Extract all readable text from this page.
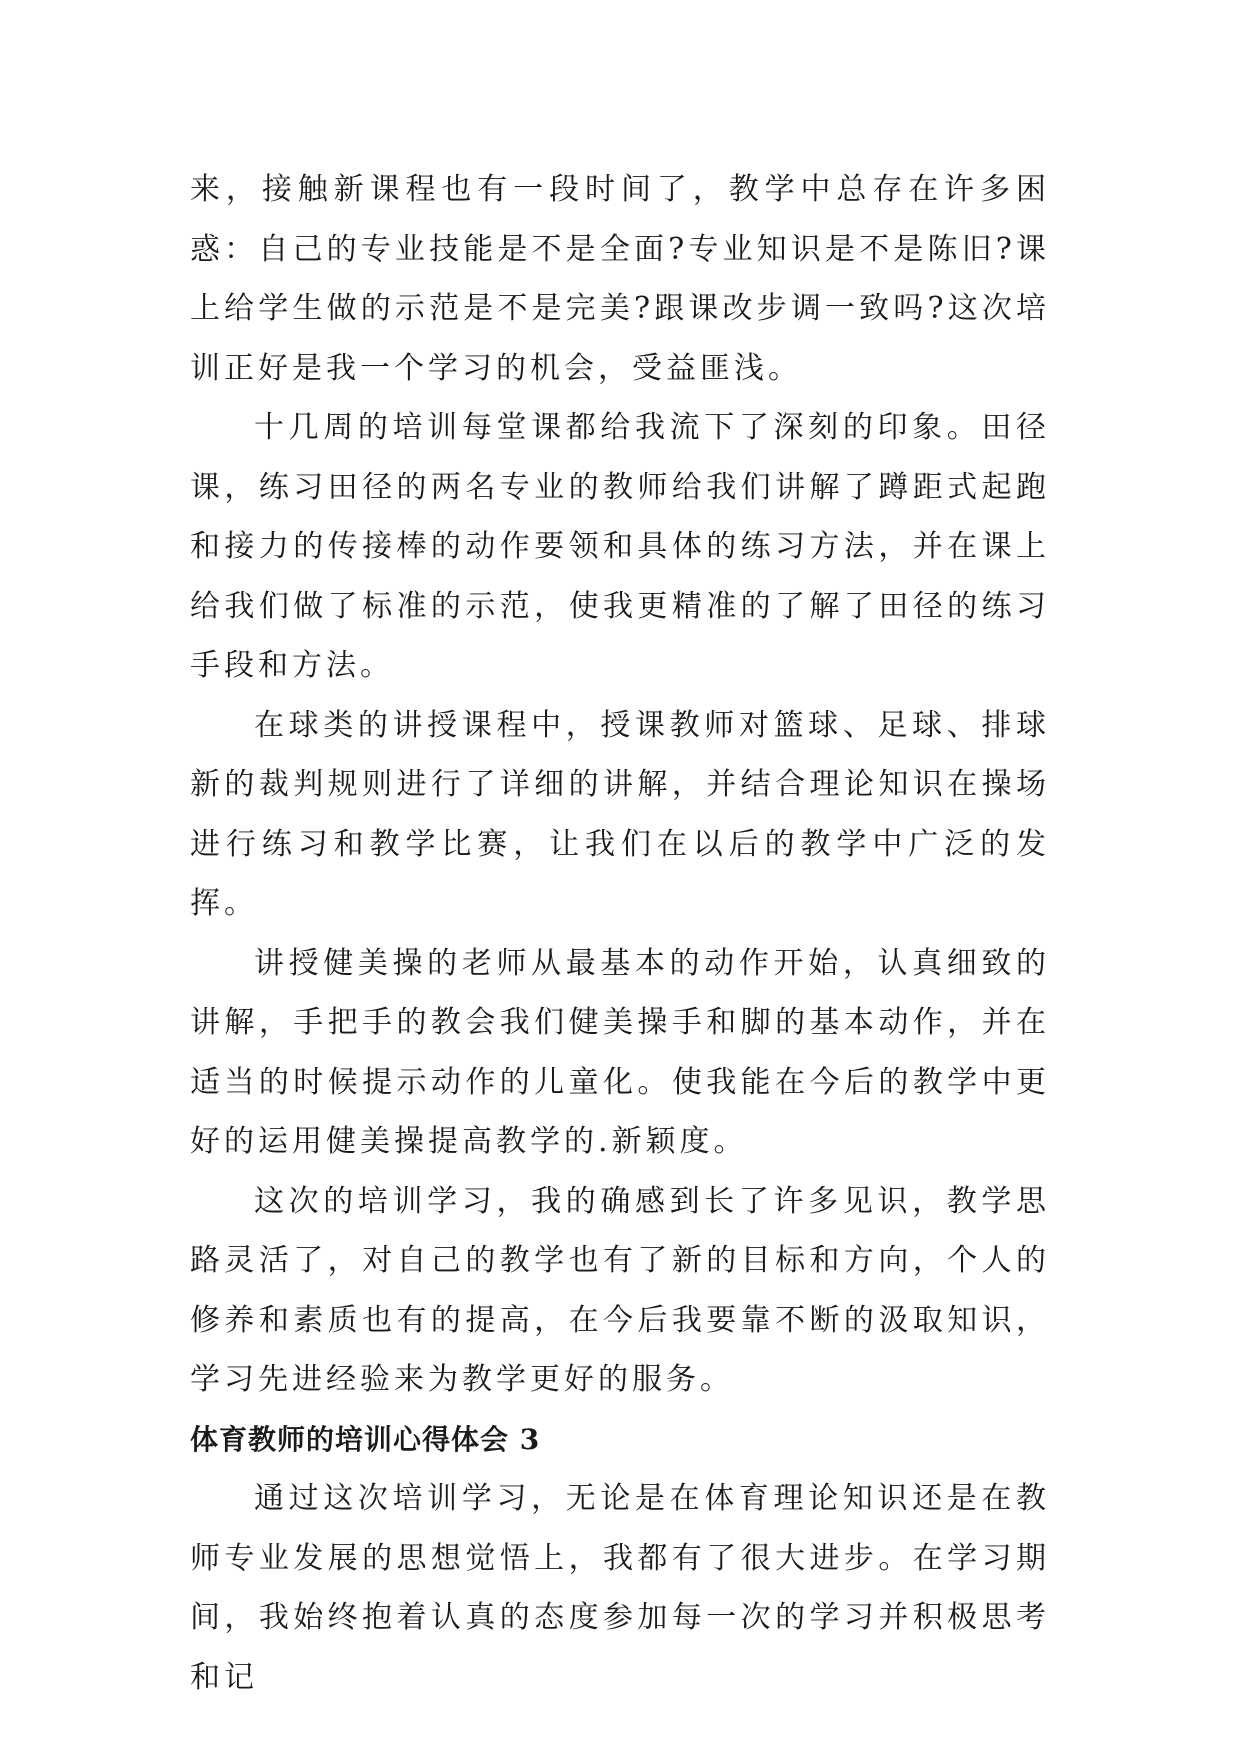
来，接触新课程也有一段时间了，教学中总存在许多困惑：自己的专业技能是不是全面?专业知识是不是陈旧?课上给学生做的示范是不是完美?跟课改步调一致吗?这次培训正好是我一个学习的机会，受益匪浅。

十几周的培训每堂课都给我流下了深刻的印象。田径课，练习田径的两名专业的教师给我们讲解了蹲距式起跑和接力的传接棒的动作要领和具体的练习方法，并在课上给我们做了标准的示范，使我更精准的了解了田径的练习手段和方法。

在球类的讲授课程中，授课教师对篮球、足球、排球新的裁判规则进行了详细的讲解，并结合理论知识在操场进行练习和教学比赛，让我们在以后的教学中广泛的发挥。

讲授健美操的老师从最基本的动作开始，认真细致的讲解，手把手的教会我们健美操手和脚的基本动作，并在适当的时候提示动作的儿童化。使我能在今后的教学中更好的运用健美操提高教学的.新颖度。

这次的培训学习，我的确感到长了许多见识，教学思路灵活了，对自己的教学也有了新的目标和方向，个人的修养和素质也有的提高，在今后我要靠不断的汲取知识，学习先进经验来为教学更好的服务。

体育教师的培训心得体会 3

通过这次培训学习，无论是在体育理论知识还是在教师专业发展的思想觉悟上，我都有了很大进步。在学习期间，我始终抱着认真的态度参加每一次的学习并积极思考和记
